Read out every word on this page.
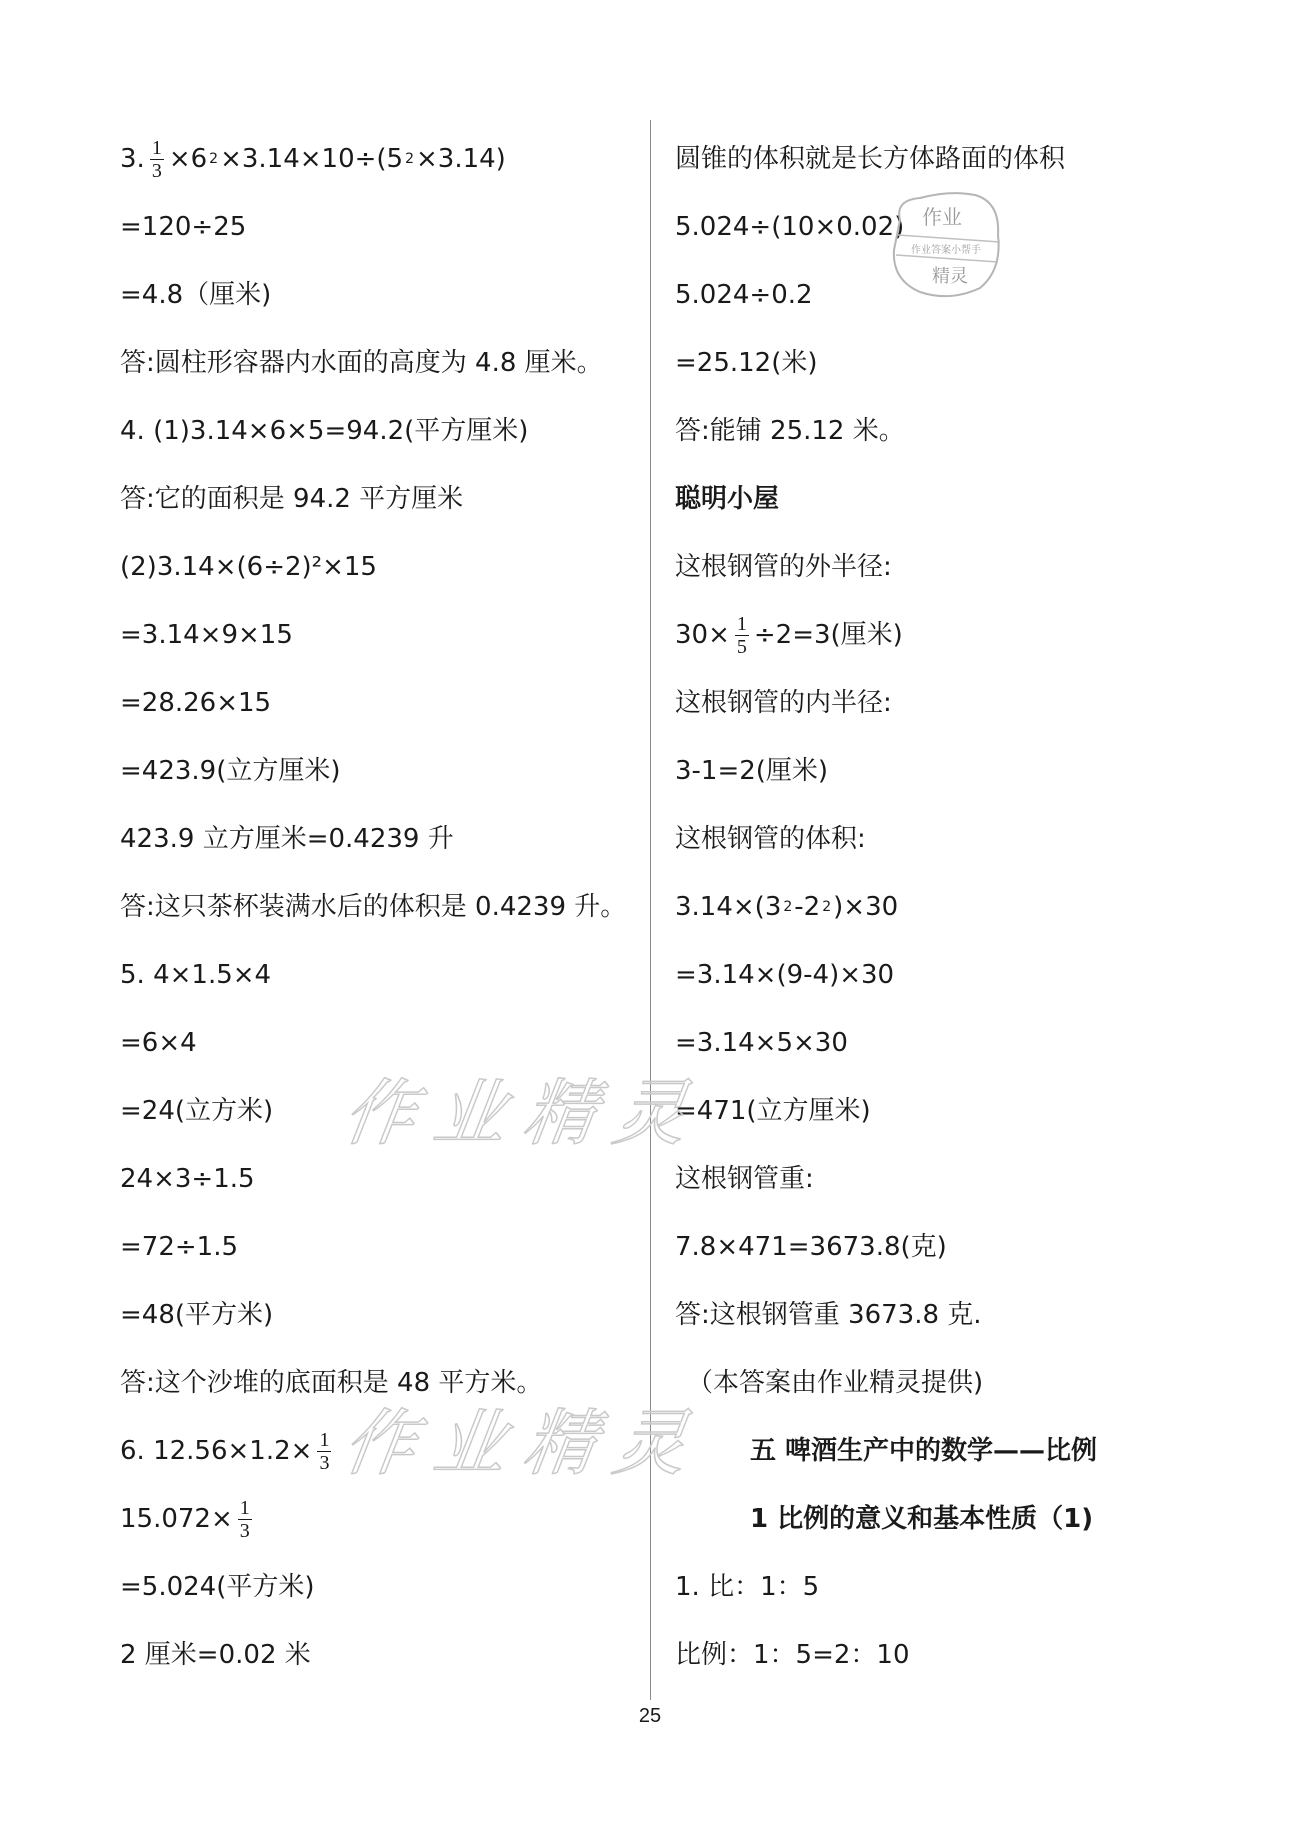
3. $\frac{1}{3} \times 6$ 2 ×3.14×10÷(5 2 ×3.14)
=120÷25
=4.8（厘米)
答:圆柱形容器内水面的高度为 4.8 厘米。
4. (1)3.14×6×5=94.2(平方厘米)
答:它的面积是 94.2 平方厘米
(2)3.14×(6÷2)²×15
=3.14×9×15
=28.26×15
=423.9(立方厘米)
423.9 立方厘米=0.4239 升
答:这只茶杯装满水后的体积是 0.4239 升。
5. 4×1.5×4
=6×4
=24(立方米)
24×3÷1.5
=72÷1.5
=48(平方米)
答:这个沙堆的底面积是 48 平方米。
6. $12.56\times 1.2\times \frac{1}{3}$
$15.072\times \frac{1}{3}$
=5.024(平方米)
2 厘米=0.02 米
圆锥的体积就是长方体路面的体积
5.024÷(10×0.02)
5.024÷0.2
=25.12(米)
答:能铺 25.12 米。
聪明小屋
这根钢管的外半径:
$30\times \frac{1}{5} \div 2=3$(厘米)
这根钢管的内半径:
3-1=2(厘米)
这根钢管的体积:
3.14×(3 2 -2 2 )×30
=3.14×(9-4)×30
=3.14×5×30
=471(立方厘米)
这根钢管重:
7.8×471=3673.8(克)
答:这根钢管重 3673.8 克.
（本答案由作业精灵提供)
五 啤酒生产中的数学——比例
1 比例的意义和基本性质（1)
1. 比：1：5
比例：1：5=2：10
作业精灵
作业精灵
作业
作业答案小帮手
精灵
25
